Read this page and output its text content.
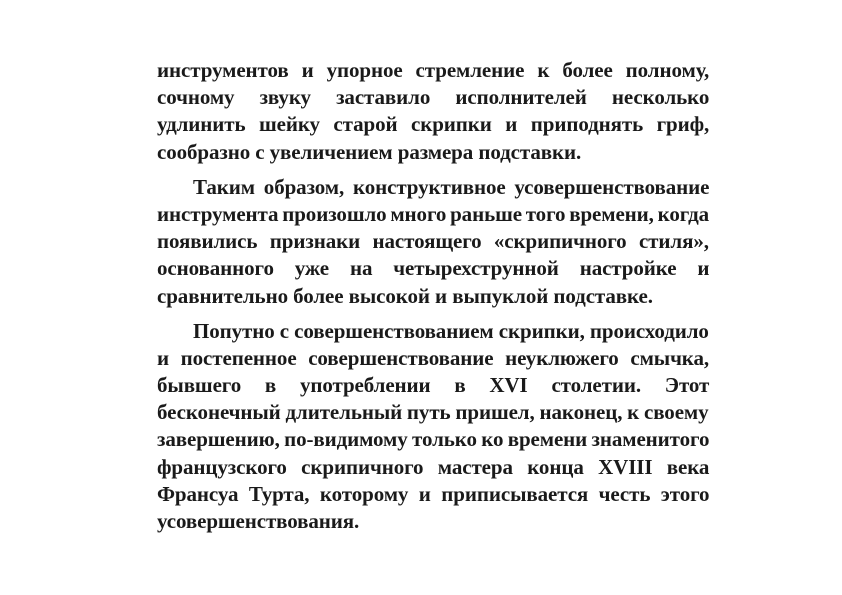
инструментов и упорное стремление к более полному,
сочному звуку заставило исполнителей несколько
удлинить шейку старой скрипки и приподнять гриф,
сообразно с увеличением размера подставки.
Таким образом, конструктивное усовершенствование
инструмента произошло много раньше того времени, когда
появились признаки настоящего «скрипичного стиля»,
основанного уже на четырехструнной настройке и
сравнительно более высокой и выпуклой подставке.
Попутно с совершенствованием скрипки, происходило
и постепенное совершенствование неуклюжего смычка,
бывшего в употреблении в XVI столетии. Этот
бесконечный длительный путь пришел, наконец, к своему
завершению, по-видимому только ко времени знаменитого
французского скрипичного мастера конца XVIII века
Франсуа Турта, которому и приписывается честь этого
усовершенствования.
